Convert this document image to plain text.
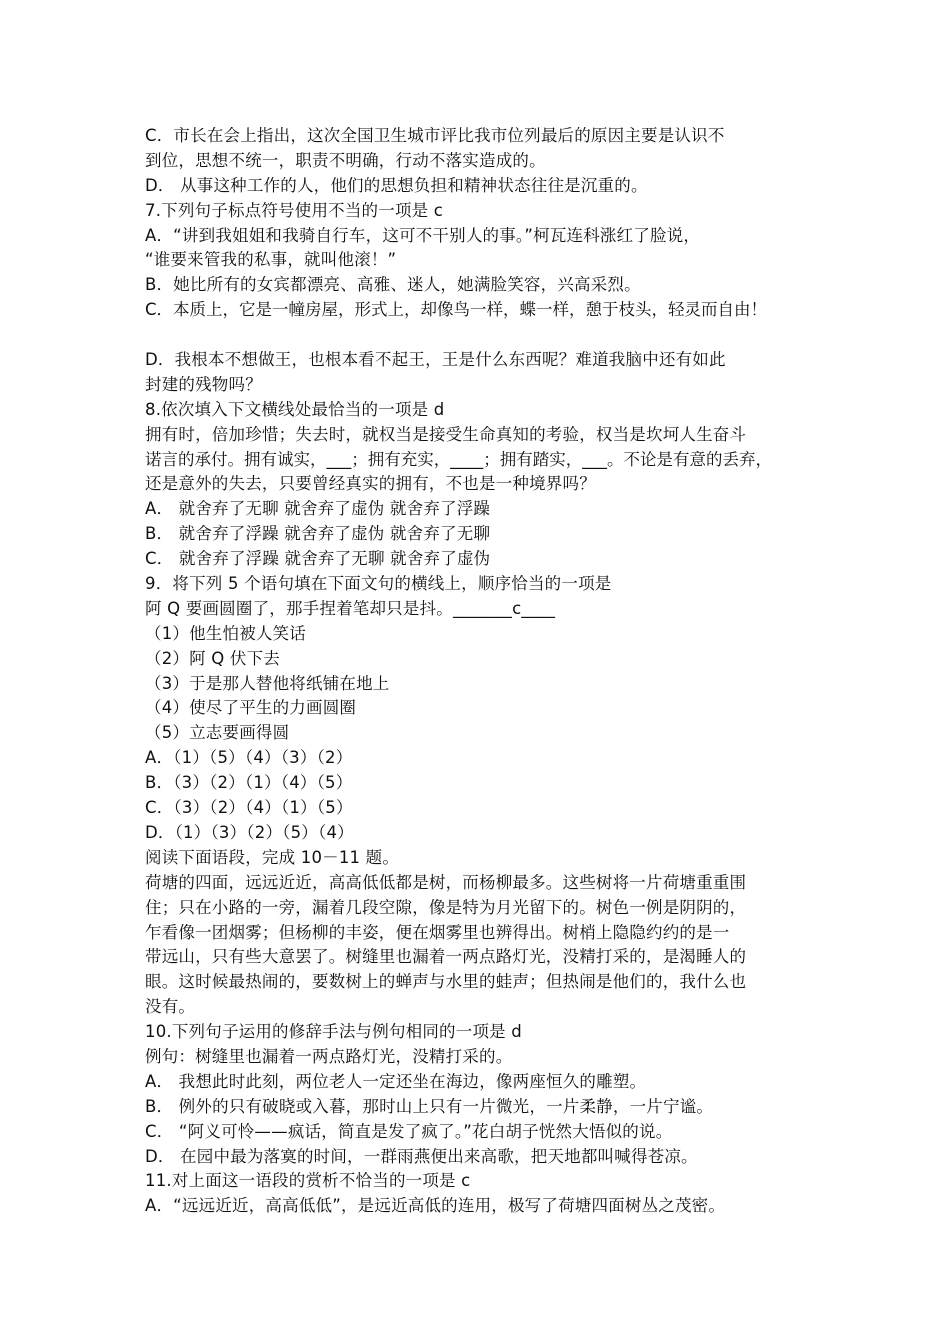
C．市长在会上指出，这次全国卫生城市评比我市位列最后的原因主要是认识不
到位，思想不统一，职责不明确，行动不落实造成的。
D． 从事这种工作的人，他们的思想负担和精神状态往往是沉重的。
7.下列句子标点符号使用不当的一项是 c
A．“讲到我姐姐和我骑自行车，这可不干别人的事。”柯瓦连科涨红了脸说，
“谁要来管我的私事，就叫他滚！”
B．她比所有的女宾都漂亮、高雅、迷人，她满脸笑容，兴高采烈。
C．本质上，它是一幢房屋，形式上，却像鸟一样，蝶一样，憩于枝头，轻灵而自由！
D．我根本不想做王，也根本看不起王，王是什么东西呢？难道我脑中还有如此
封建的残物吗？
8.依次填入下文横线处最恰当的一项是 d
拥有时，倍加珍惜；失去时，就权当是接受生命真知的考验，权当是坎坷人生奋斗
诺言的承付。拥有诚实，___；拥有充实，____；拥有踏实，___。不论是有意的丢弃，
还是意外的失去，只要曾经真实的拥有，不也是一种境界吗？
A． 就舍弃了无聊 就舍弃了虚伪 就舍弃了浮躁
B． 就舍弃了浮躁 就舍弃了虚伪 就舍弃了无聊
C． 就舍弃了浮躁 就舍弃了无聊 就舍弃了虚伪
9．将下列 5 个语句填在下面文句的横线上，顺序恰当的一项是
阿 Q 要画圆圈了，那手捏着笔却只是抖。_______c____
（1）他生怕被人笑话
（2）阿 Q 伏下去
（3）于是那人替他将纸铺在地上
（4）使尽了平生的力画圆圈
（5）立志要画得圆
A．（1）（5）（4）（3）（2）
B．（3）（2）（1）（4）（5）
C．（3）（2）（4）（1）（5）
D．（1）（3）（2）（5）（4）
阅读下面语段，完成 10－11 题。
荷塘的四面，远远近近，高高低低都是树，而杨柳最多。这些树将一片荷塘重重围
住；只在小路的一旁，漏着几段空隙，像是特为月光留下的。树色一例是阴阴的，
乍看像一团烟雾；但杨柳的丰姿，便在烟雾里也辨得出。树梢上隐隐约约的是一
带远山，只有些大意罢了。树缝里也漏着一两点路灯光，没精打采的，是渴睡人的
眼。这时候最热闹的，要数树上的蝉声与水里的蛙声；但热闹是他们的，我什么也
没有。
10.下列句子运用的修辞手法与例句相同的一项是 d
例句：树缝里也漏着一两点路灯光，没精打采的。
A． 我想此时此刻，两位老人一定还坐在海边，像两座恒久的雕塑。
B． 例外的只有破晓或入暮，那时山上只有一片微光，一片柔静，一片宁谧。
C． “阿义可怜——疯话，简直是发了疯了。”花白胡子恍然大悟似的说。
D． 在园中最为落寞的时间，一群雨燕便出来高歌，把天地都叫喊得苍凉。
11.对上面这一语段的赏析不恰当的一项是 c
A．“远远近近，高高低低”，是远近高低的连用，极写了荷塘四面树丛之茂密。
